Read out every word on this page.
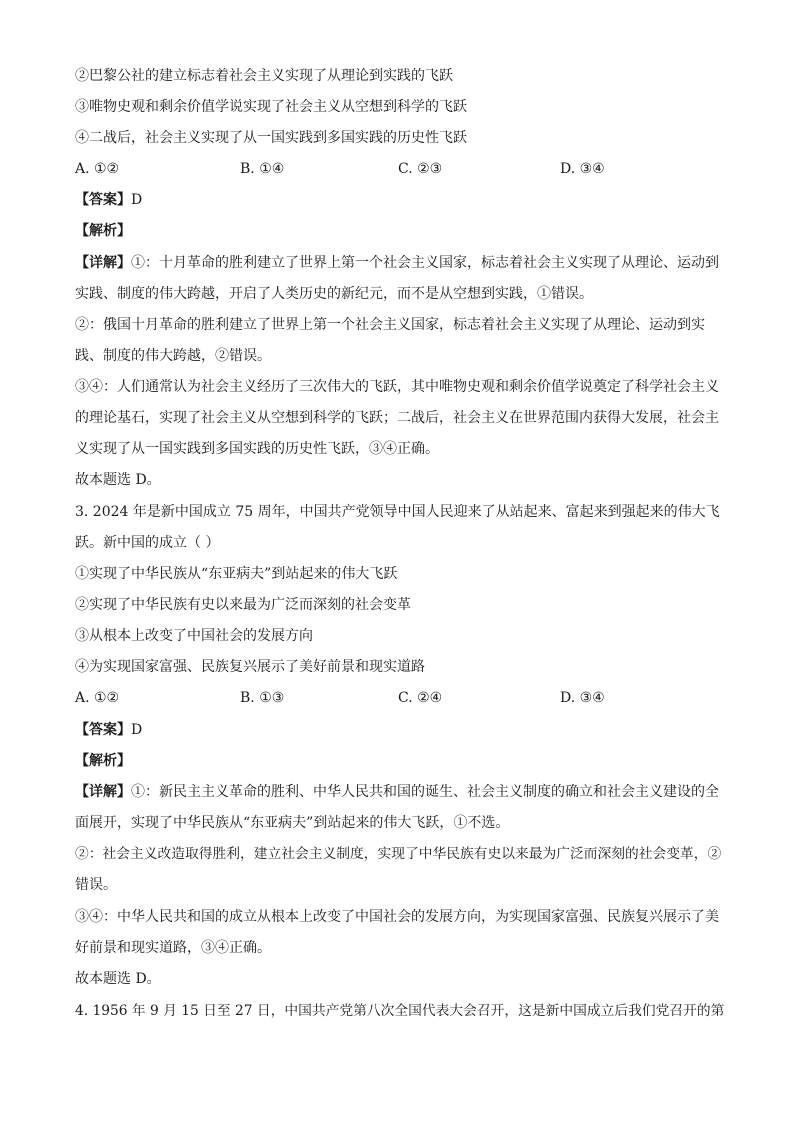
②巴黎公社的建立标志着社会主义实现了从理论到实践的飞跃
③唯物史观和剩余价值学说实现了社会主义从空想到科学的飞跃
④二战后，社会主义实现了从一国实践到多国实践的历史性飞跃
A. ①②	B. ①④	C. ②③	D. ③④
【答案】D
【解析】
【详解】①：十月革命的胜利建立了世界上第一个社会主义国家，标志着社会主义实现了从理论、运动到
实践、制度的伟大跨越，开启了人类历史的新纪元，而不是从空想到实践，①错误。
②：俄国十月革命的胜利建立了世界上第一个社会主义国家，标志着社会主义实现了从理论、运动到实
践、制度的伟大跨越，②错误。
③④：人们通常认为社会主义经历了三次伟大的飞跃，其中唯物史观和剩余价值学说奠定了科学社会主义
的理论基石，实现了社会主义从空想到科学的飞跃；二战后，社会主义在世界范围内获得大发展，社会主
义实现了从一国实践到多国实践的历史性飞跃，③④正确。
故本题选 D。
3. 2024 年是新中国成立 75 周年，中国共产党领导中国人民迎来了从站起来、富起来到强起来的伟大飞
跃。新中国的成立（ ）
①实现了中华民族从“东亚病夫”到站起来的伟大飞跃
②实现了中华民族有史以来最为广泛而深刻的社会变革
③从根本上改变了中国社会的发展方向
④为实现国家富强、民族复兴展示了美好前景和现实道路
A. ①②	B. ①③	C. ②④	D. ③④
【答案】D
【解析】
【详解】①：新民主主义革命的胜利、中华人民共和国的诞生、社会主义制度的确立和社会主义建设的全
面展开，实现了中华民族从“东亚病夫”到站起来的伟大飞跃，①不选。
②：社会主义改造取得胜利，建立社会主义制度，实现了中华民族有史以来最为广泛而深刻的社会变革，②
错误。
③④：中华人民共和国的成立从根本上改变了中国社会的发展方向，为实现国家富强、民族复兴展示了美
好前景和现实道路，③④正确。
故本题选 D。
4. 1956 年 9 月 15 日至 27 日，中国共产党第八次全国代表大会召开，这是新中国成立后我们党召开的第
